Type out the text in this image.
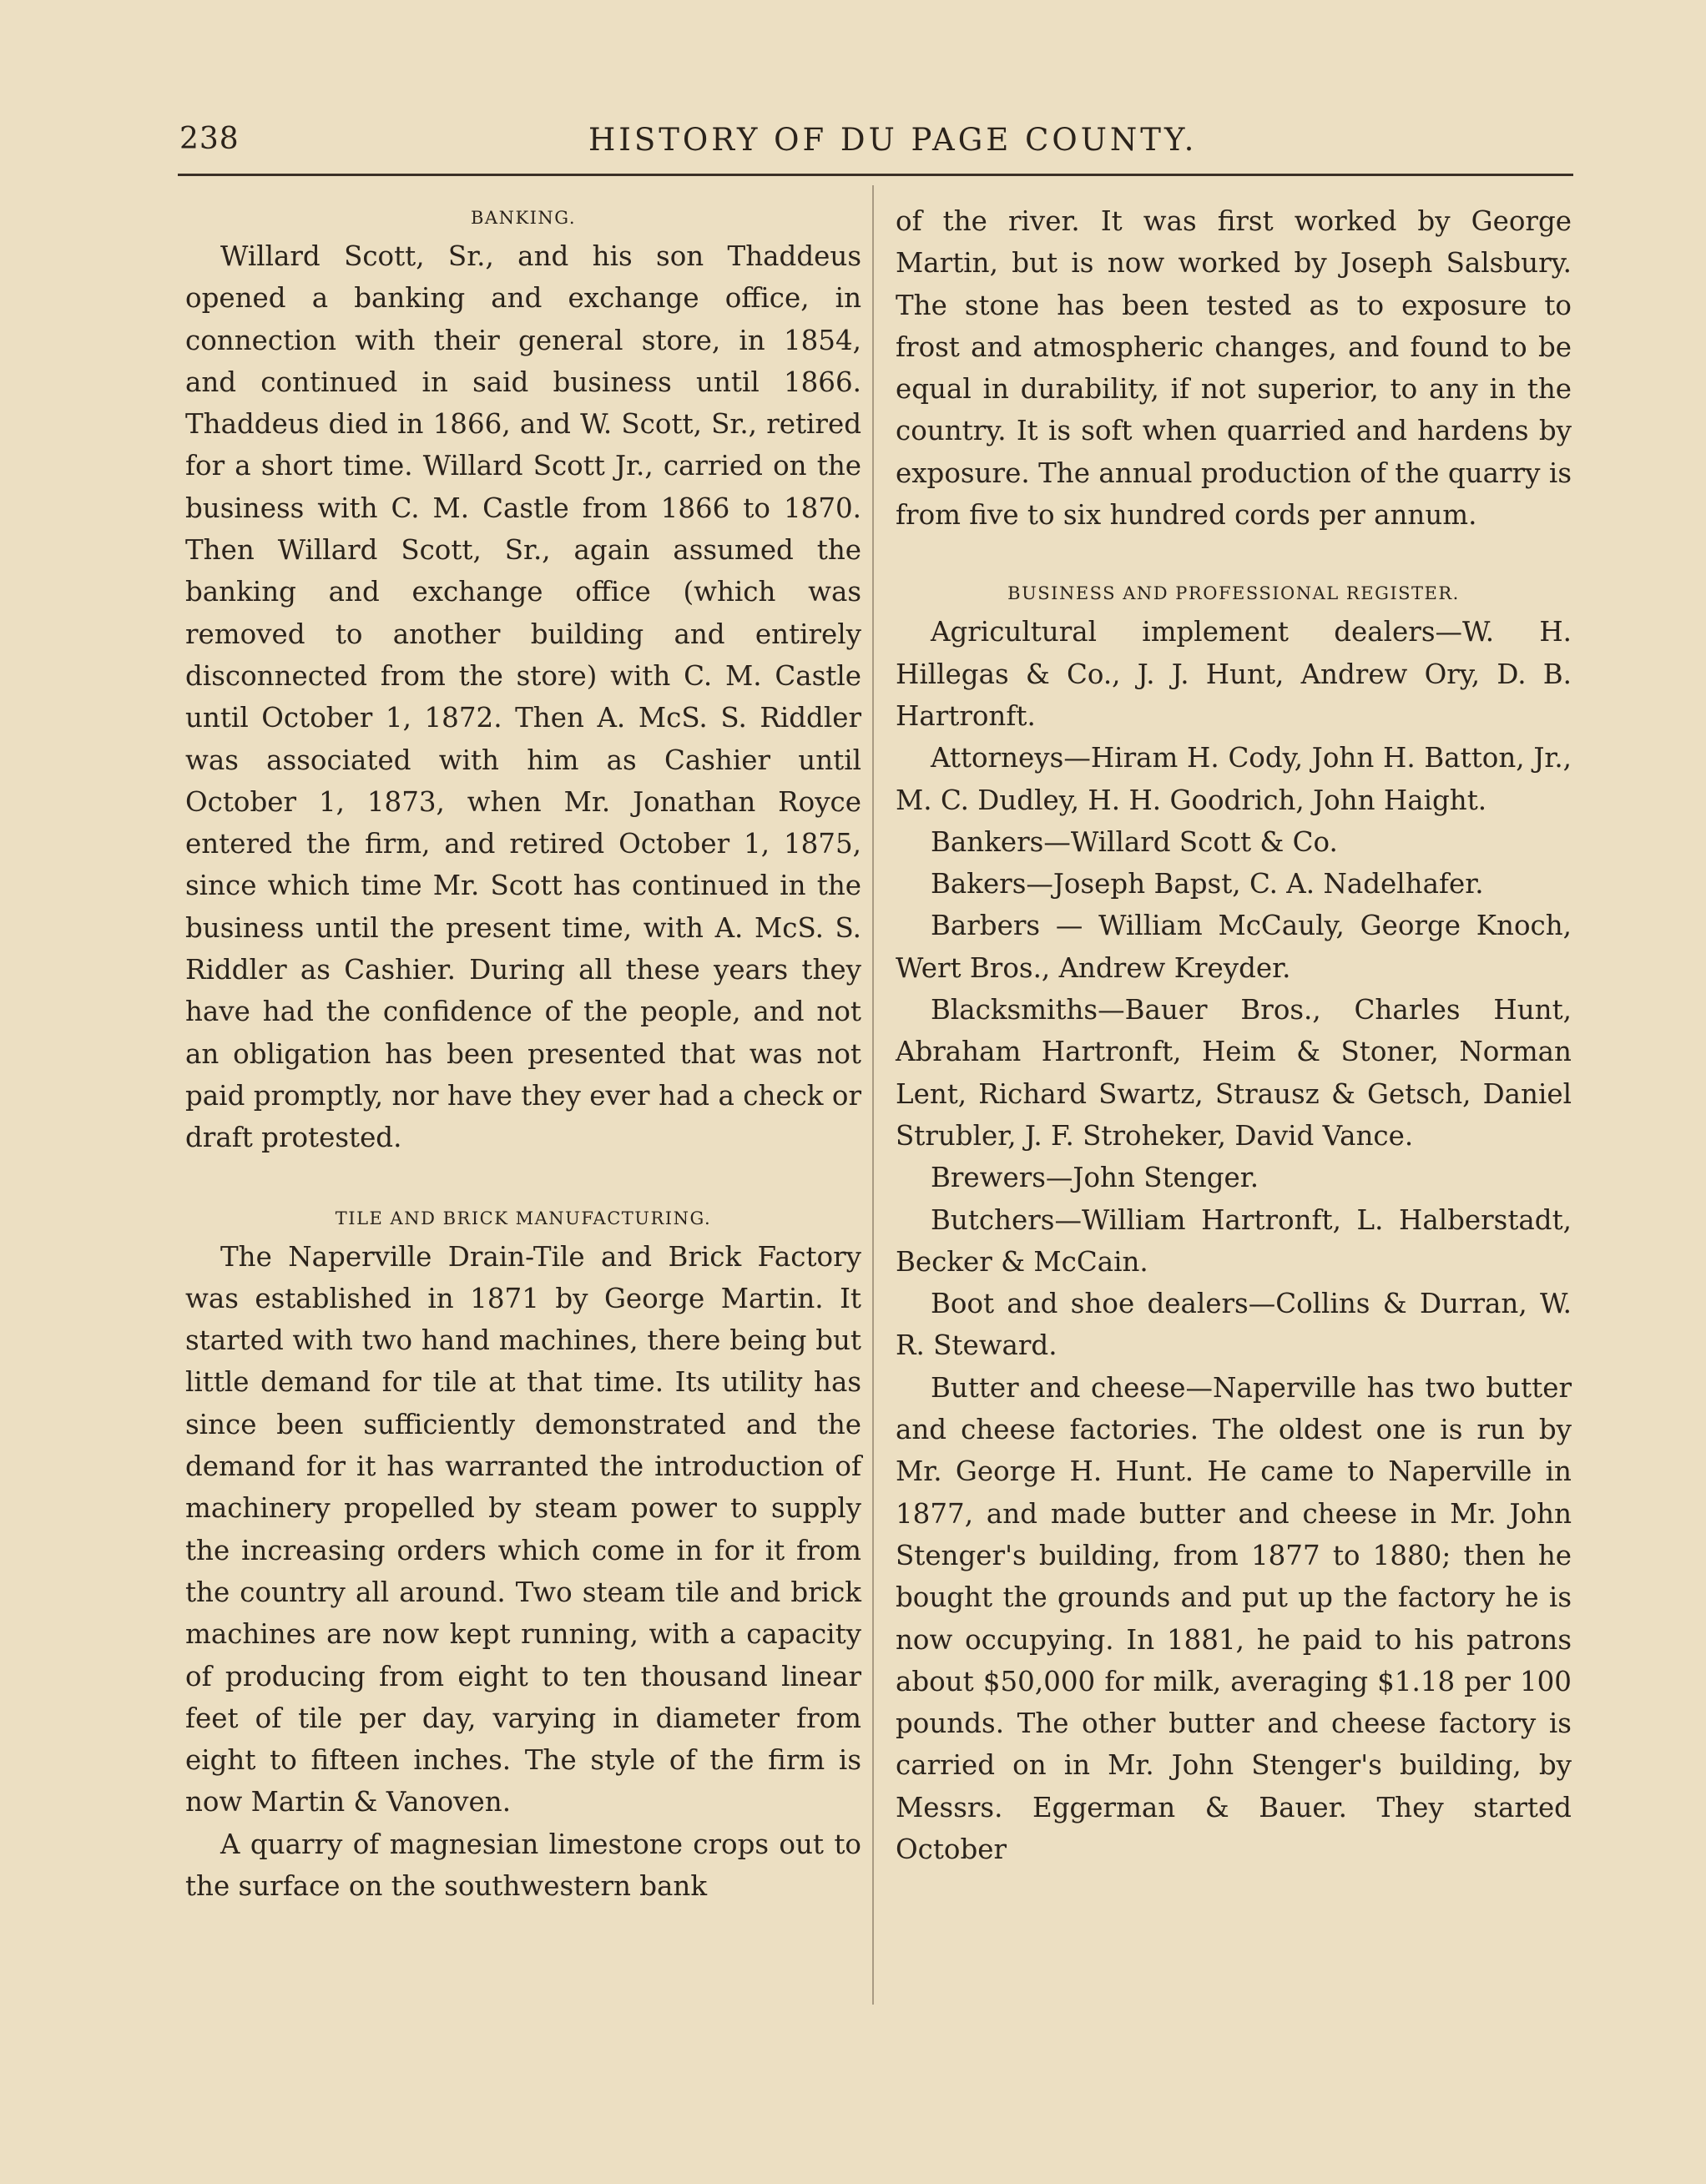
238	HISTORY OF DU PAGE COUNTY.
BANKING.

Willard Scott, Sr., and his son Thaddeus opened a banking and exchange office, in connection with their general store, in 1854, and continued in said business until 1866. Thaddeus died in 1866, and W. Scott, Sr., retired for a short time. Willard Scott Jr., carried on the business with C. M. Castle from 1866 to 1870. Then Willard Scott, Sr., again assumed the banking and exchange office (which was removed to another building and entirely disconnected from the store) with C. M. Castle until October 1, 1872. Then A. McS. S. Riddler was associated with him as Cashier until October 1, 1873, when Mr. Jonathan Royce entered the firm, and retired October 1, 1875, since which time Mr. Scott has continued in the business until the present time, with A. McS. S. Riddler as Cashier. During all these years they have had the confidence of the people, and not an obligation has been presented that was not paid promptly, nor have they ever had a check or draft protested.

TILE AND BRICK MANUFACTURING.

The Naperville Drain-Tile and Brick Factory was established in 1871 by George Martin. It started with two hand machines, there being but little demand for tile at that time. Its utility has since been sufficiently demonstrated and the demand for it has warranted the introduction of machinery propelled by steam power to supply the increasing orders which come in for it from the country all around. Two steam tile and brick machines are now kept running, with a capacity of producing from eight to ten thousand linear feet of tile per day, varying in diameter from eight to fifteen inches. The style of the firm is now Martin & Vanoven.

A quarry of magnesian limestone crops out to the surface on the southwestern bank

of the river. It was first worked by George Martin, but is now worked by Joseph Salsbury. The stone has been tested as to exposure to frost and atmospheric changes, and found to be equal in durability, if not superior, to any in the country. It is soft when quarried and hardens by exposure. The annual production of the quarry is from five to six hundred cords per annum.

BUSINESS AND PROFESSIONAL REGISTER.

Agricultural implement dealers—W. H. Hillegas & Co., J. J. Hunt, Andrew Ory, D. B. Hartronft.

Attorneys—Hiram H. Cody, John H. Batton, Jr., M. C. Dudley, H. H. Goodrich, John Haight.

Bankers—Willard Scott & Co.

Bakers—Joseph Bapst, C. A. Nadelhafer.

Barbers — William McCauly, George Knoch, Wert Bros., Andrew Kreyder.

Blacksmiths—Bauer Bros., Charles Hunt, Abraham Hartronft, Heim & Stoner, Norman Lent, Richard Swartz, Strausz & Getsch, Daniel Strubler, J. F. Stroheker, David Vance.

Brewers—John Stenger.

Butchers—William Hartronft, L. Halberstadt, Becker & McCain.

Boot and shoe dealers—Collins & Durran, W. R. Steward.

Butter and cheese—Naperville has two butter and cheese factories. The oldest one is run by Mr. George H. Hunt. He came to Naperville in 1877, and made butter and cheese in Mr. John Stenger's building, from 1877 to 1880; then he bought the grounds and put up the factory he is now occupying. In 1881, he paid to his patrons about $50,000 for milk, averaging $1.18 per 100 pounds. The other butter and cheese factory is carried on in Mr. John Stenger's building, by Messrs. Eggerman & Bauer. They started October
